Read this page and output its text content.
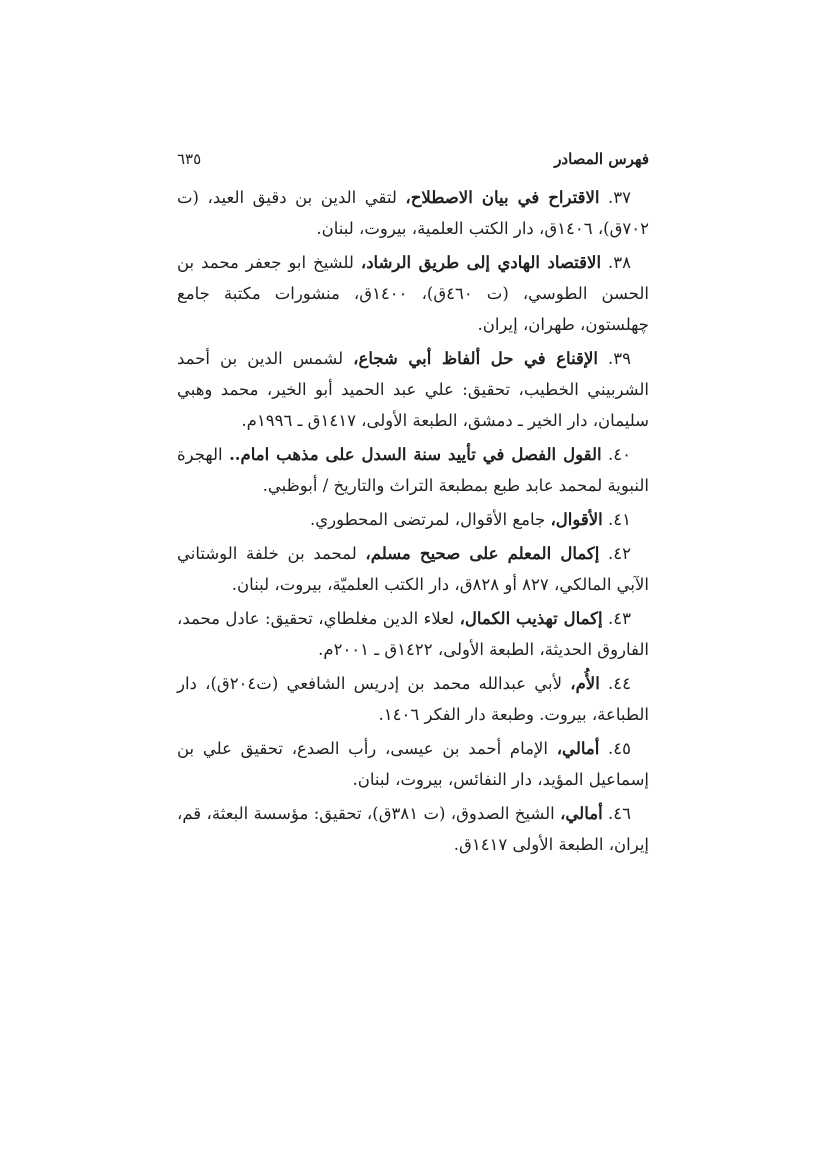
فهرس المصادر
٦٣٥
٣٧. الاقتراح في بيان الاصطلاح، لتقي الدين بن دقيق العيد، (ت ٧٠٢ق)، ١٤٠٦ق، دار الكتب العلمية، بيروت، لبنان.
٣٨. الاقتصاد الهادي إلى طريق الرشاد، للشيخ ابو جعفر محمد بن الحسن الطوسي، (ت ٤٦٠ق)، ١٤٠٠ق، منشورات مكتبة جامع چهلستون، طهران، إيران.
٣٩. الإقناع في حل ألفاظ أبي شجاع، لشمس الدين بن أحمد الشربيني الخطيب، تحقيق: علي عبد الحميد أبو الخير، محمد وهبي سليمان، دار الخير ـ دمشق، الطبعة الأولى، ١٤١٧ق ـ ١٩٩٦م.
٤٠. القول الفصل في تأييد سنة السدل على مذهب امام.. الهجرة النبوية لمحمد عابد طبع بمطبعة التراث والتاريخ / أبوظبي.
٤١. الأقوال، جامع الأقوال، لمرتضى المحطوري.
٤٢. إكمال المعلم على صحيح مسلم، لمحمد بن خلفة الوشتاني الآبي المالكي، ٨٢٧ أو ٨٢٨ق، دار الكتب العلميّة، بيروت، لبنان.
٤٣. إكمال تهذيب الكمال، لعلاء الدين مغلطاي، تحقيق: عادل محمد، الفاروق الحديثة، الطبعة الأولى، ١٤٢٢ق ـ ٢٠٠١م.
٤٤. الأُم، لأبي عبدالله محمد بن إدريس الشافعي (ت٢٠٤ق)، دار الطباعة، بيروت. وطبعة دار الفكر ١٤٠٦.
٤٥. أمالي، الإمام أحمد بن عيسى، رأب الصدع، تحقيق علي بن إسماعيل المؤيد، دار النفائس، بيروت، لبنان.
٤٦. أمالي، الشيخ الصدوق، (ت ٣٨١ق)، تحقيق: مؤسسة البعثة، قم، إيران، الطبعة الأولى ١٤١٧ق.
